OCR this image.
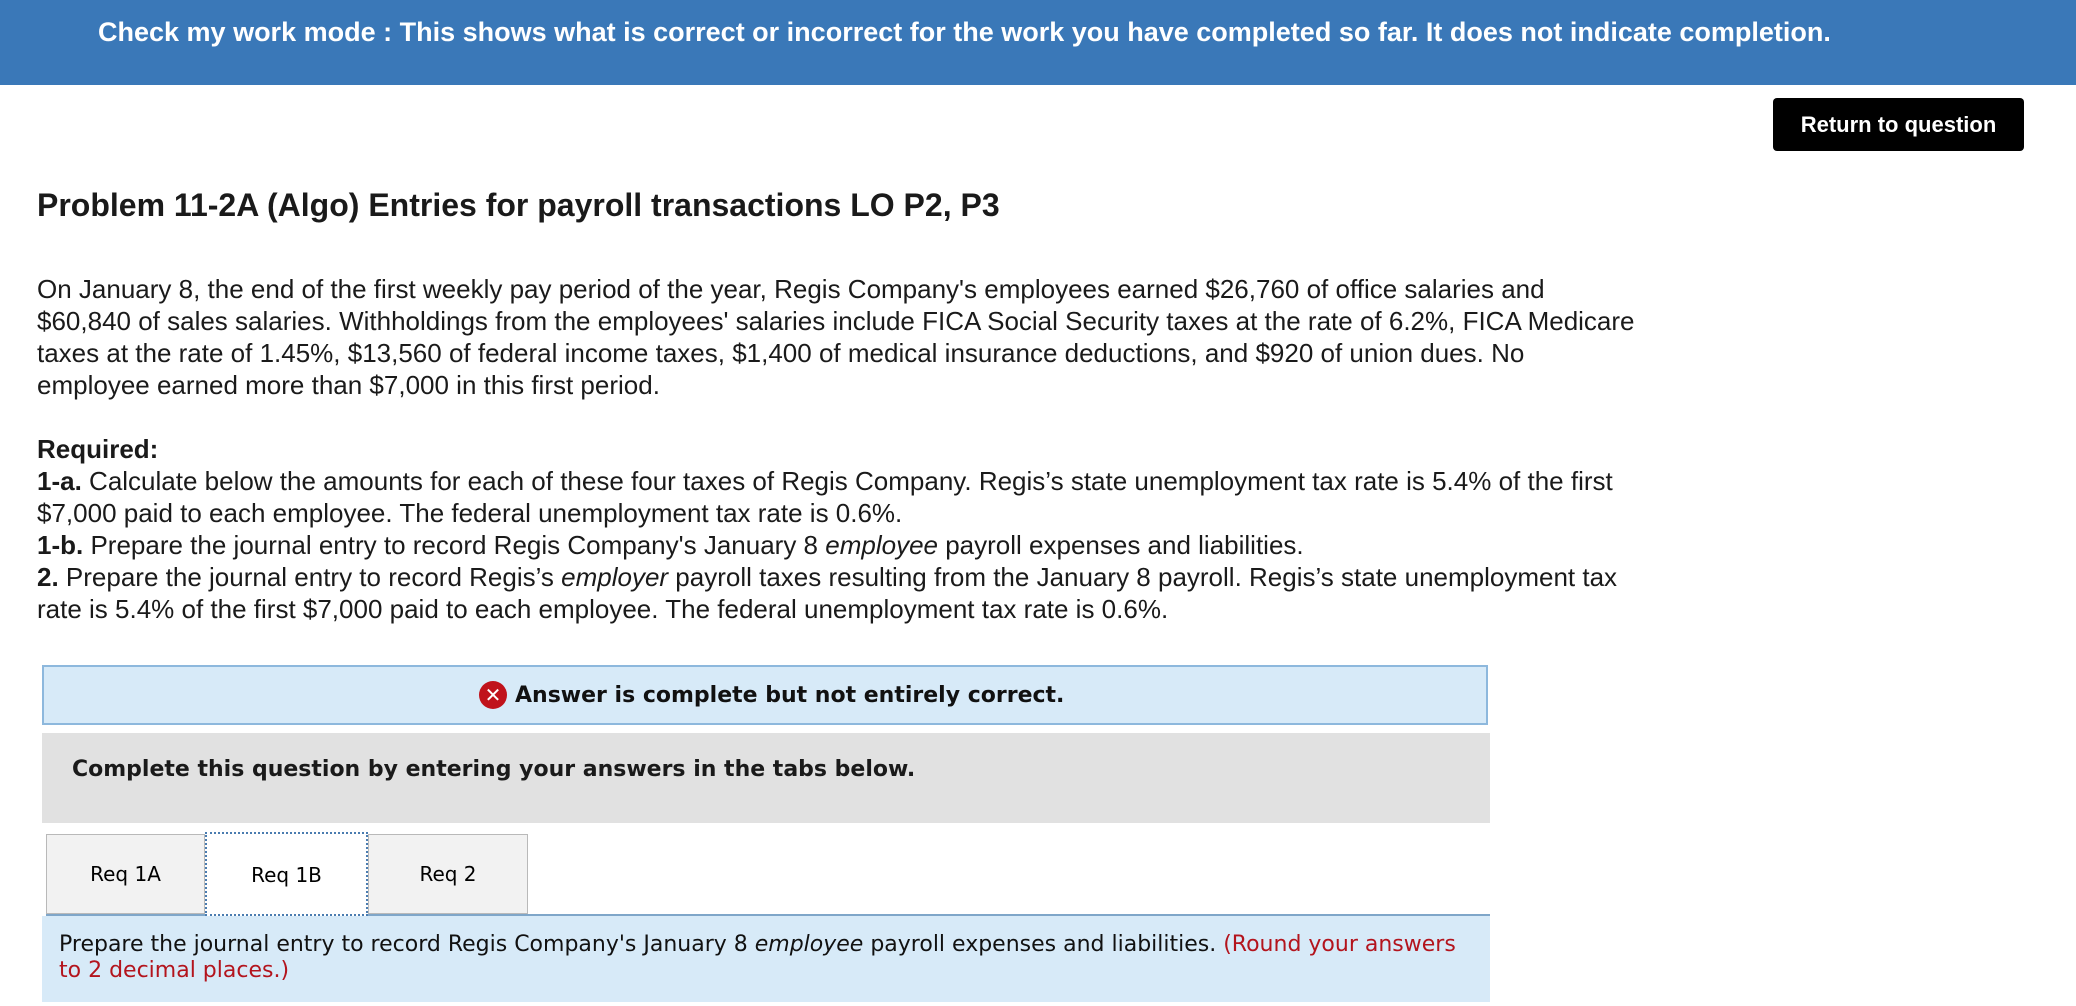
Check my work mode : This shows what is correct or incorrect for the work you have completed so far. It does not indicate completion.
Return to question
Problem 11-2A (Algo) Entries for payroll transactions LO P2, P3

On January 8, the end of the first weekly pay period of the year, Regis Company's employees earned $26,760 of office salaries and $60,840 of sales salaries. Withholdings from the employees' salaries include FICA Social Security taxes at the rate of 6.2%, FICA Medicare taxes at the rate of 1.45%, $13,560 of federal income taxes, $1,400 of medical insurance deductions, and $920 of union dues. No employee earned more than $7,000 in this first period.

Required:

1-a. Calculate below the amounts for each of these four taxes of Regis Company. Regis’s state unemployment tax rate is 5.4% of the first $7,000 paid to each employee. The federal unemployment tax rate is 0.6%.

1-b. Prepare the journal entry to record Regis Company's January 8 employee payroll expenses and liabilities.

2. Prepare the journal entry to record Regis’s employer payroll taxes resulting from the January 8 payroll. Regis’s state unemployment tax rate is 5.4% of the first $7,000 paid to each employee. The federal unemployment tax rate is 0.6%.

✕ Answer is complete but not entirely correct.
Complete this question by entering your answers in the tabs below.
Req 1A	Req 1B	Req 2
Prepare the journal entry to record Regis Company's January 8 employee payroll expenses and liabilities. (Round your answers to 2 decimal places.)
